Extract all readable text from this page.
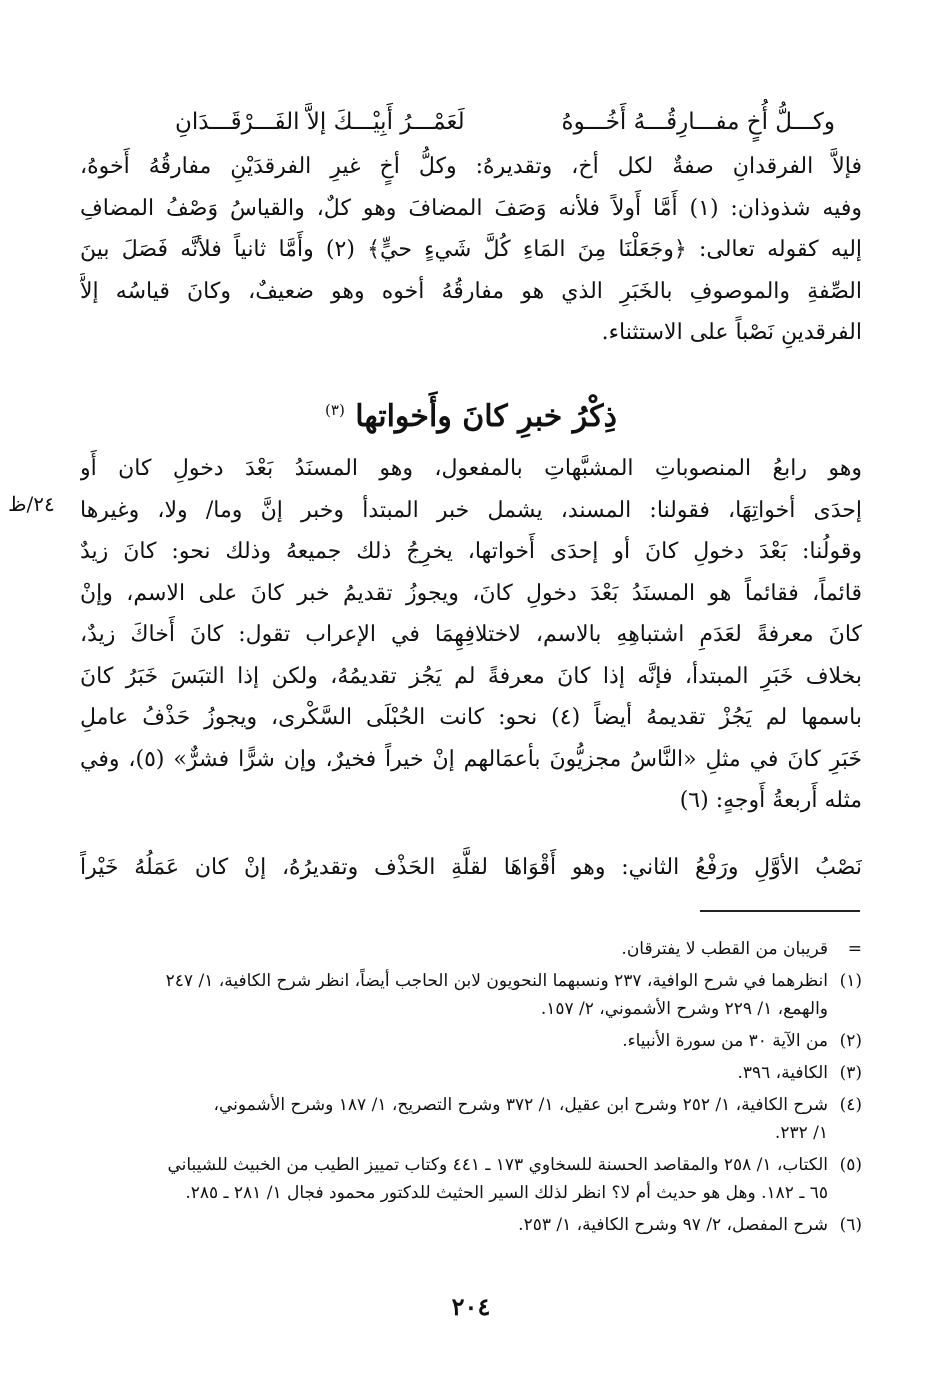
وكـــلُّ أُخٍ مفـــارِقُـــهُ أَخُـــوهُ
لَعَمْـــرُ أَبِيْـــكَ إلاَّ الفَـــرْقَـــدَانِ
فإلاَّ الفرقدانِ صفةٌ لكل أخ، وتقديرهُ: وكلُّ أخٍ غيرِ الفرقدَيْنِ مفارقُهُ أَخوهُ،
وفيه شذوذان: (١) أَمَّا أَولاً فلأنه وَصَفَ المضافَ وهو كلٌ، والقياسُ وَصْفُ المضافِ
إليه كقوله تعالى: ﴿وجَعَلْنَا مِنَ المَاءِ كُلَّ شَيءٍ حيٍّ﴾ (٢) وأَمَّا ثانياً فلأنَّه فَصَلَ بينَ
الصِّفةِ والموصوفِ بالخَبَرِ الذي هو مفارقُهُ أخوه وهو ضعيفٌ، وكانَ قياسُه إلاَّ
الفرقدينِ نَصْباً على الاستثناء.
ذِكْرُ خبرِ كانَ وأَخواتها $^{(٣)}$
٢٤/ظ
وهو رابعُ المنصوباتِ المشبَّهاتِ بالمفعول، وهو المسنَدُ بَعْدَ دخولِ كان أَو
إحدَى أخواتِهَا، فقولنا: المسند، يشمل خبر المبتدأ وخبر إنَّ وما/ ولا، وغيرها
وقولُنا: بَعْدَ دخولِ كانَ أو إحدَى أَخواتها، يخرِجُ ذلك جميعهُ وذلك نحو: كانَ زيدٌ
قائماً، فقائماً هو المسنَدُ بَعْدَ دخولِ كانَ، ويجوزُ تقديمُ خبر كانَ على الاسم، وإنْ
كانَ معرفةً لعَدَمِ اشتباهِهِ بالاسم، لاختلافِهِمَا في الإعراب تقول: كانَ أَخاكَ زيدٌ،
بخلاف خَبَرِ المبتدأ، فإنَّه إذا كانَ معرفةً لم يَجُز تقديمُهُ، ولكن إذا التبَسَ خَبَرُ كانَ
باسمها لم يَجُزْ تقديمهُ أيضاً (٤) نحو: كانت الحُبْلَى السَّكْرى، ويجوزُ حَذْفُ عاملِ
خَبَرِ كانَ في مثلِ «النَّاسُ مجزيُّونَ بأعمَالهم إنْ خيراً فخيرٌ، وإن شرًّا فشرٌّ» (٥)، وفي
مثله أَربعةُ أَوجهٍ: (٦)
نَصْبُ الأوَّلِ ورَفْعُ الثاني: وهو أَقْوَاهَا لقلَّةِ الحَذْف وتقديرُهُ، إنْ كان عَمَلُهُ خَيْراً
=
قريبان من القطب لا يفترقان.
(١)
انظرهما في شرح الوافية، ٢٣٧ ونسبهما النحويون لابن الحاجب أيضاً، انظر شرح الكافية، ١/ ٢٤٧
والهمع، ١/ ٢٢٩ وشرح الأشموني، ٢/ ١٥٧.
(٢)
من الآية ٣٠ من سورة الأنبياء.
(٣)
الكافية، ٣٩٦.
(٤)
شرح الكافية، ١/ ٢٥٢ وشرح ابن عقيل، ١/ ٣٧٢ وشرح التصريح، ١/ ١٨٧ وشرح الأشموني،
١/ ٢٣٢.
(٥)
الكتاب، ١/ ٢٥٨ والمقاصد الحسنة للسخاوي ١٧٣ ـ ٤٤١ وكتاب تمييز الطيب من الخبيث للشيباني
٦٥ ـ ١٨٢. وهل هو حديث أم لا؟ انظر لذلك السير الحثيث للدكتور محمود فجال ١/ ٢٨١ ـ ٢٨٥.
(٦)
شرح المفصل، ٢/ ٩٧ وشرح الكافية، ١/ ٢٥٣.
٢٠٤
